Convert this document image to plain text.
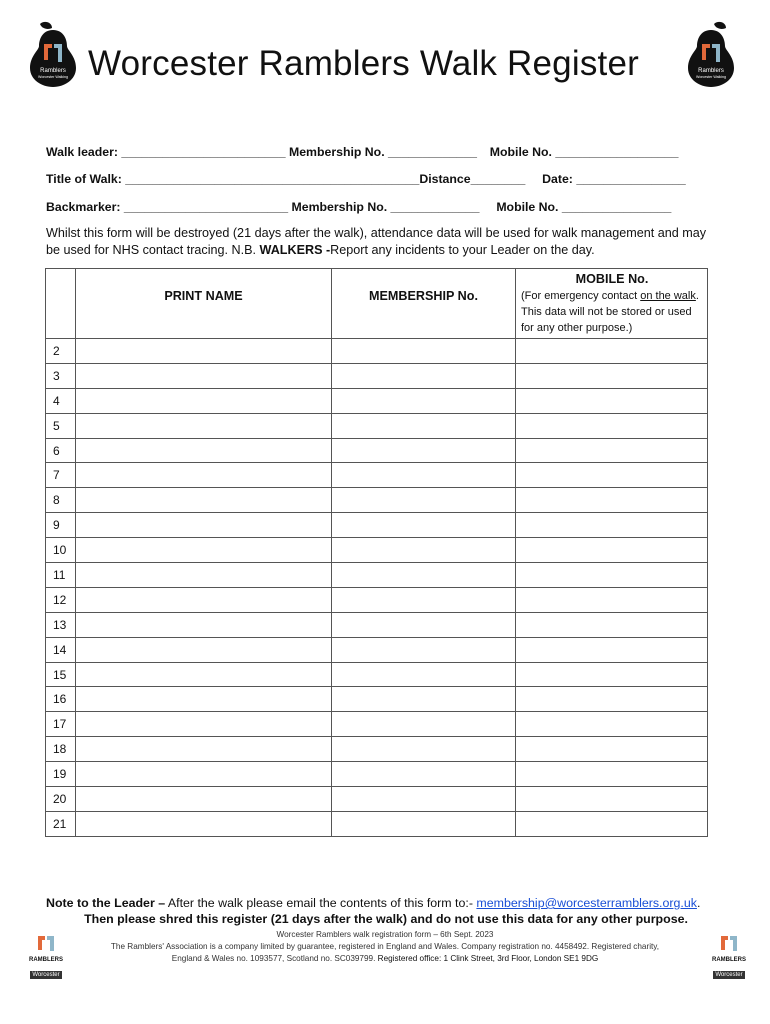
Ramblers
Worcester Walking Worcester Ramblers Walk Register	Ramblers
Worcester Walking
Walk leader: ________________________ Membership No. _____________ Mobile No. __________________
Title of Walk: ___________________________________________Distance________ Date: ________________
Backmarker: ________________________ Membership No. _____________ Mobile No. ________________
Whilst this form will be destroyed (21 days after the walk), attendance data will be used for walk management and may be used for NHS contact tracing. N.B. WALKERS -Report any incidents to your Leader on the day.
	PRINT NAME	MEMBERSHIP No.	MOBILE No.
(For emergency contact on the walk. This data will not be stored or used for any other purpose.)
2			
3			
4			
5			
6			
7			
8			
9			
10			
11			
12			
13			
14			
15			
16			
17			
18			
19			
20			
21			
Note to the Leader – After the walk please email the contents of this form to:- membership@worcesterramblers.org.uk.
Then please shred this register (21 days after the walk) and do not use this data for any other purpose.
Worcester Ramblers walk registration form – 6th Sept. 2023
The Ramblers' Association is a company limited by guarantee, registered in England and Wales. Company registration no. 4458492. Registered charity,
England & Wales no. 1093577, Scotland no. SC039799. Registered office: 1 Clink Street, 3rd Floor, London SE1 9DG
RAMBLERS
Worcester
RAMBLERS
Worcester
